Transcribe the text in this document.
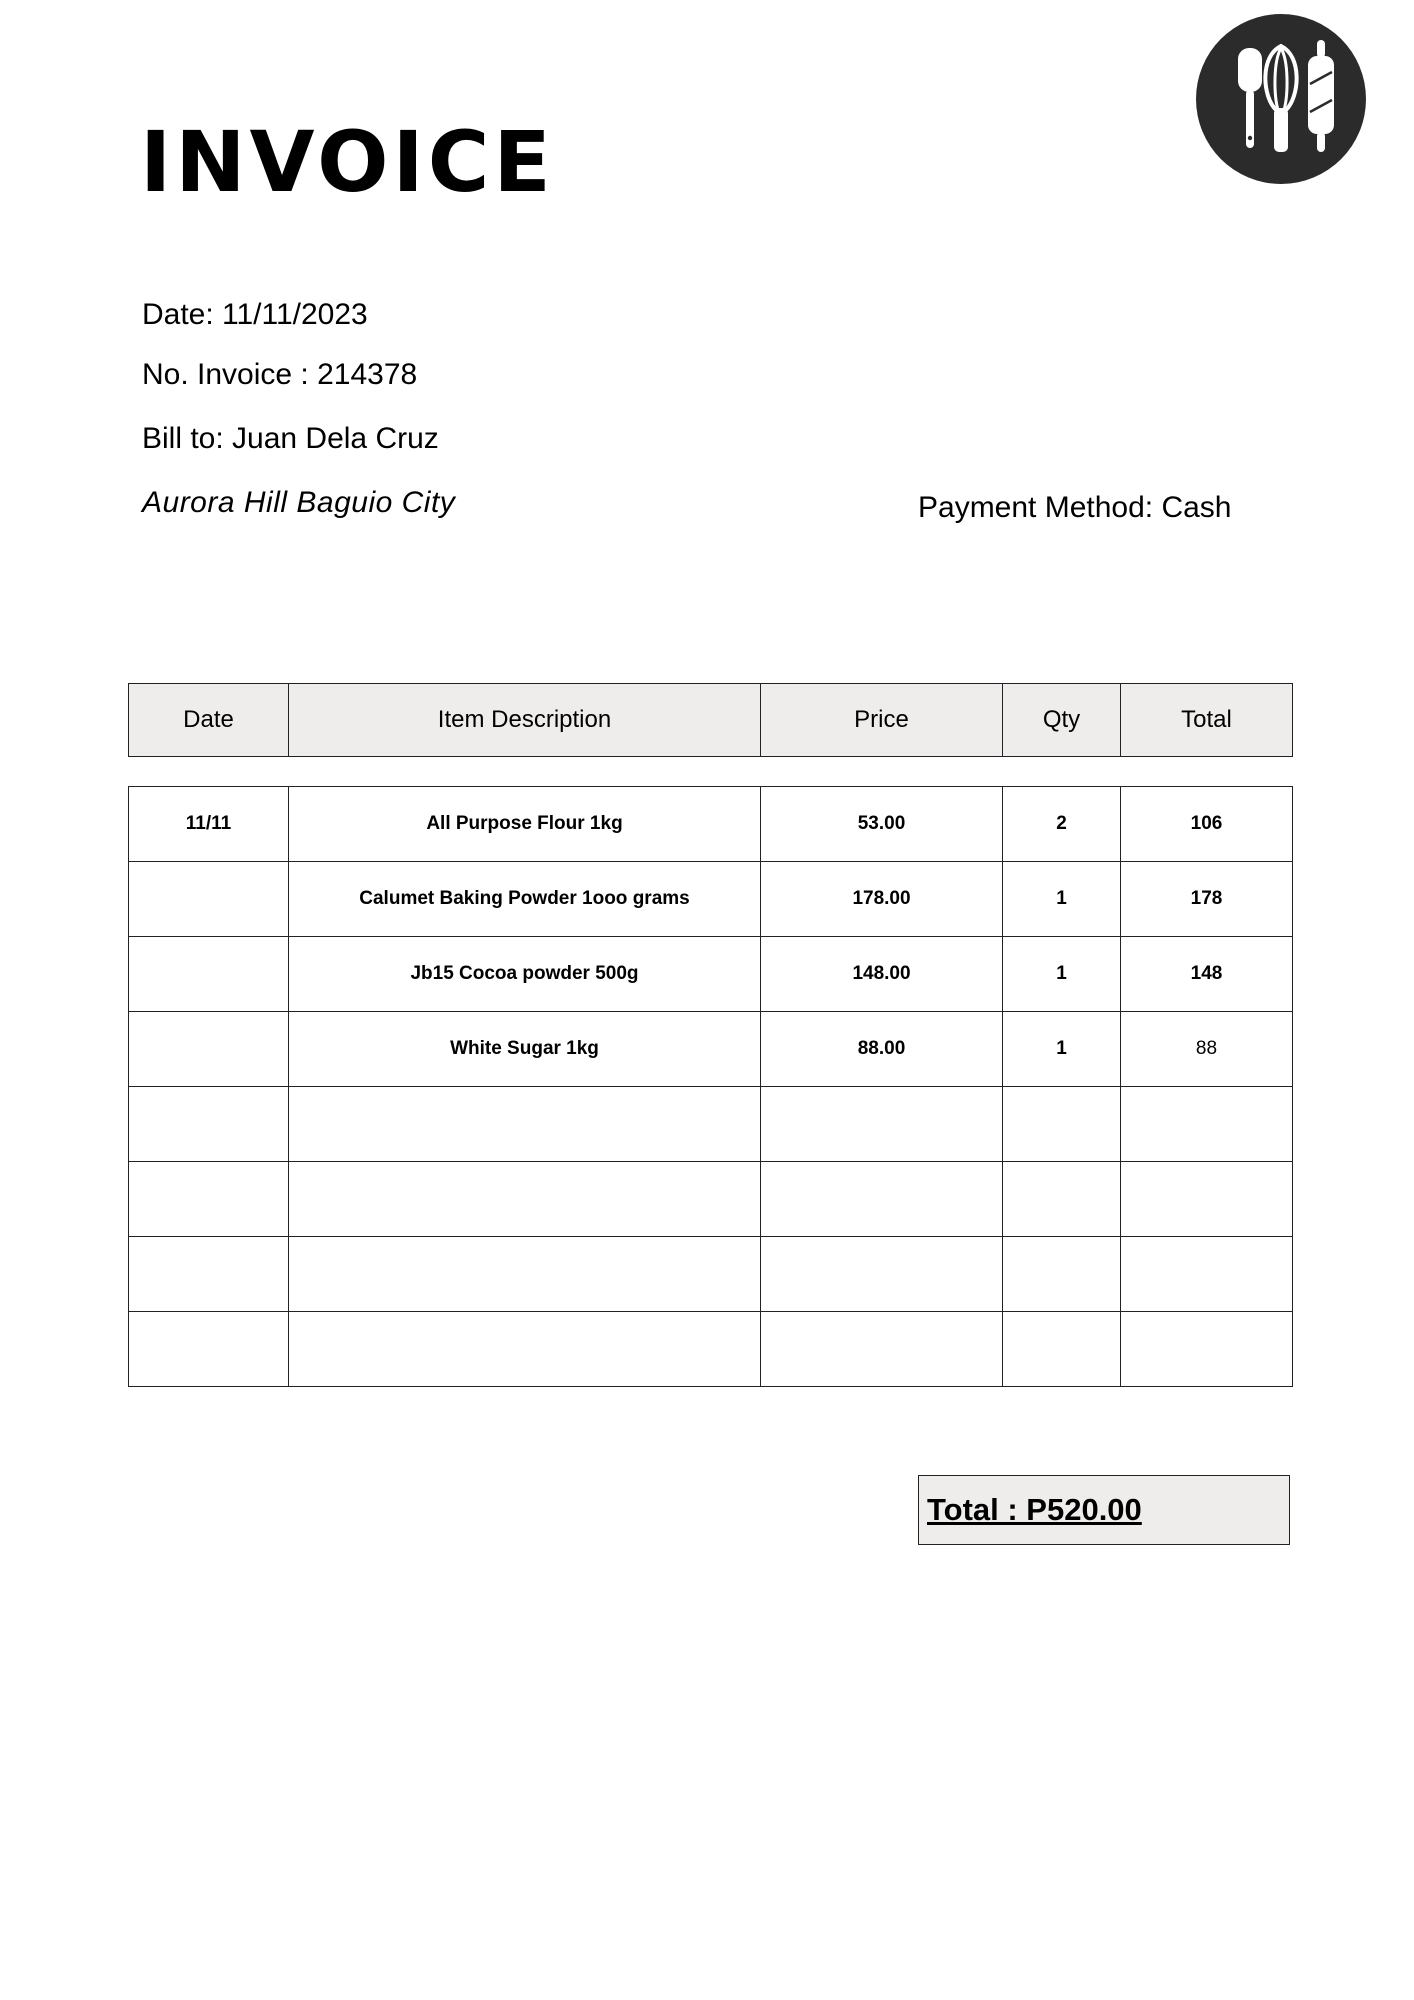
INVOICE
Date: 11/11/2023
No. Invoice : 214378
Bill to: Juan Dela Cruz
Aurora Hill Baguio City	Payment Method: Cash
Date	Item Description	Price	Qty	Total
11/11	All Purpose Flour 1kg	53.00	2	106
	Calumet Baking Powder 1ooo grams	178.00	1	178
	Jb15 Cocoa powder 500g	148.00	1	148
	White Sugar 1kg	88.00	1	88

Total : P520.00
